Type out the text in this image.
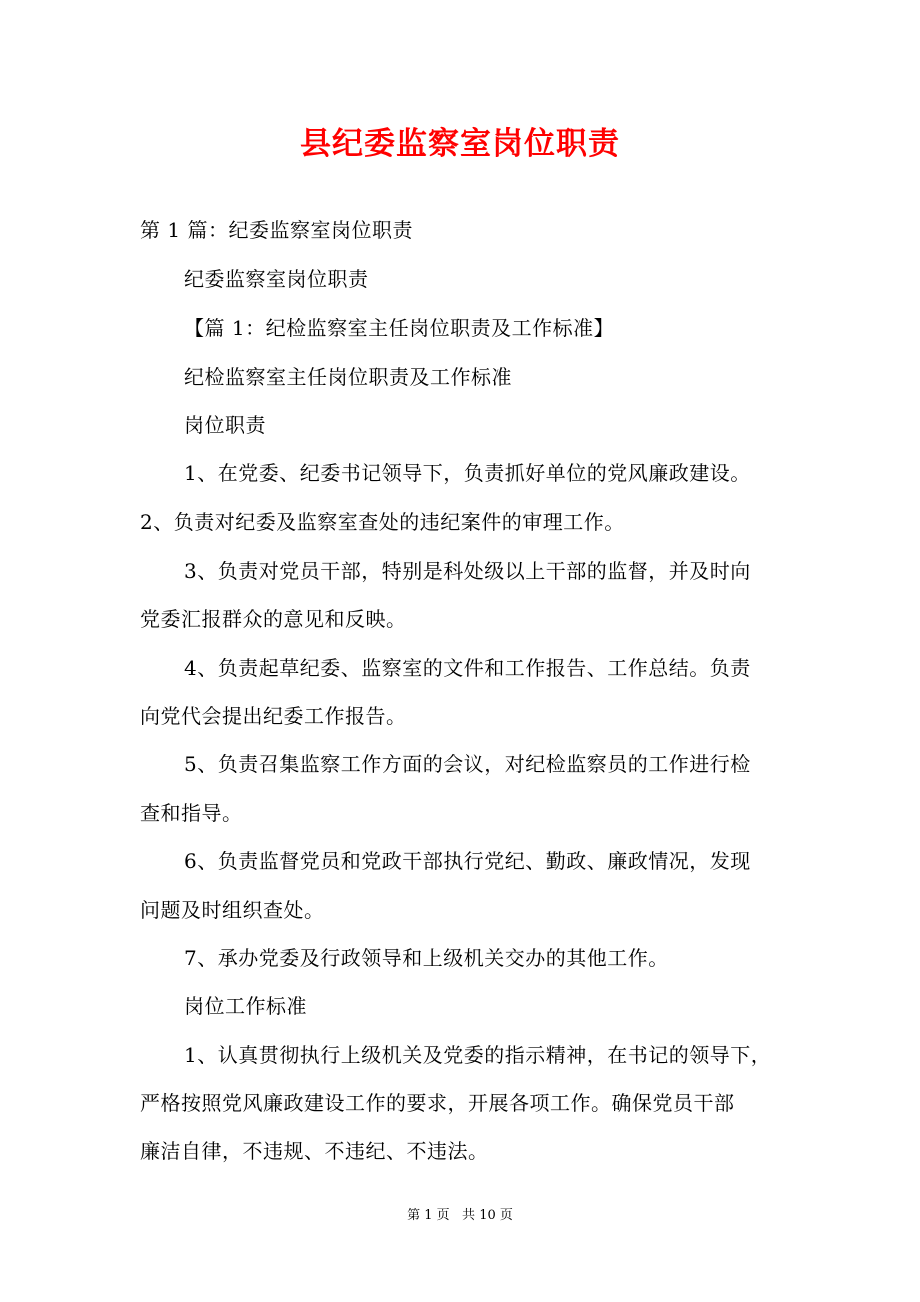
县纪委监察室岗位职责
第 1 篇：纪委监察室岗位职责
纪委监察室岗位职责
【篇 1：纪检监察室主任岗位职责及工作标准】
纪检监察室主任岗位职责及工作标准
岗位职责
1、在党委、纪委书记领导下，负责抓好单位的党风廉政建设。
2、负责对纪委及监察室查处的违纪案件的审理工作。
3、负责对党员干部，特别是科处级以上干部的监督，并及时向
党委汇报群众的意见和反映。
4、负责起草纪委、监察室的文件和工作报告、工作总结。负责
向党代会提出纪委工作报告。
5、负责召集监察工作方面的会议，对纪检监察员的工作进行检
查和指导。
6、负责监督党员和党政干部执行党纪、勤政、廉政情况，发现
问题及时组织查处。
7、承办党委及行政领导和上级机关交办的其他工作。
岗位工作标准
1、认真贯彻执行上级机关及党委的指示精神，在书记的领导下，
严格按照党风廉政建设工作的要求，开展各项工作。确保党员干部
廉洁自律，不违规、不违纪、不违法。
第 1 页   共 10 页
